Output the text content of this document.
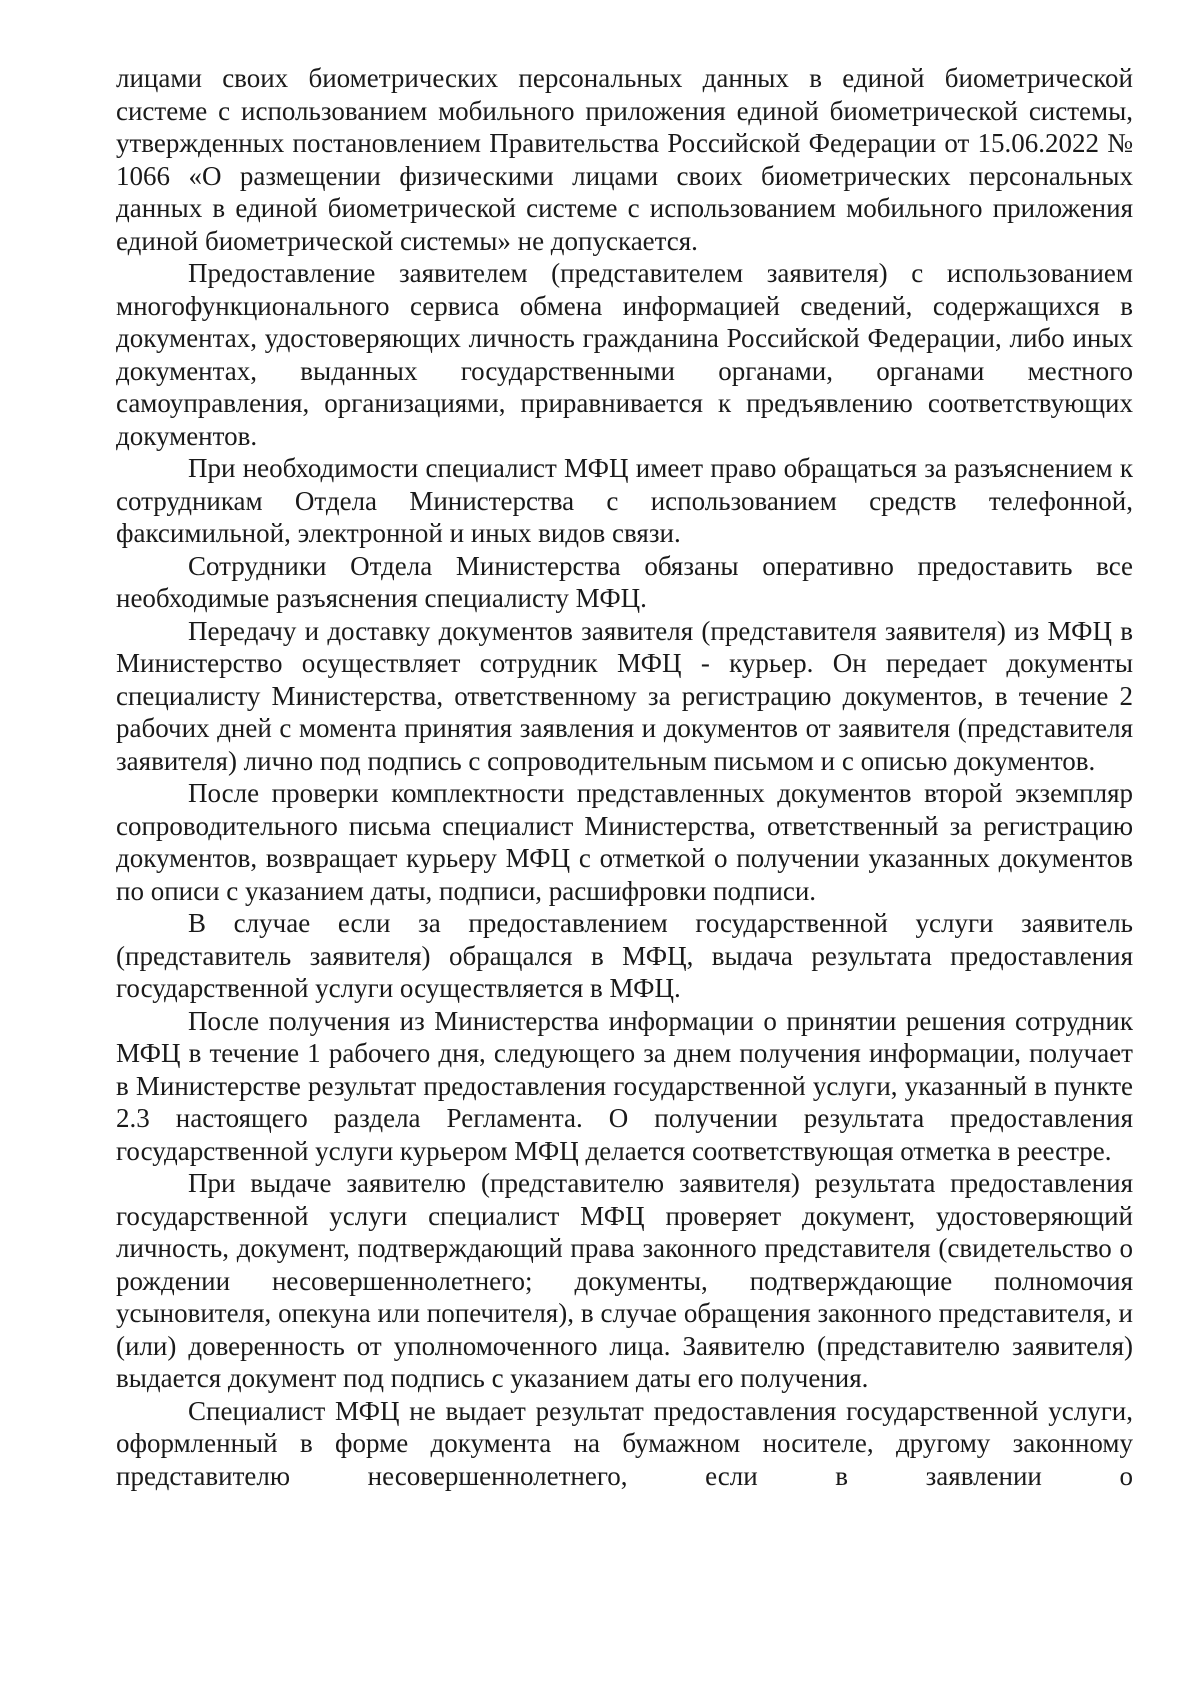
лицами своих биометрических персональных данных в единой биометрической системе с использованием мобильного приложения единой биометрической системы, утвержденных постановлением Правительства Российской Федерации от 15.06.2022 № 1066 «О размещении физическими лицами своих биометрических персональных данных в единой биометрической системе с использованием мобильного приложения единой биометрической системы» не допускается.

Предоставление заявителем (представителем заявителя) с использованием многофункционального сервиса обмена информацией сведений, содержащихся в документах, удостоверяющих личность гражданина Российской Федерации, либо иных документах, выданных государственными органами, органами местного самоуправления, организациями, приравнивается к предъявлению соответствующих документов.

При необходимости специалист МФЦ имеет право обращаться за разъяснением к сотрудникам Отдела Министерства с использованием средств телефонной, факсимильной, электронной и иных видов связи.

Сотрудники Отдела Министерства обязаны оперативно предоставить все необходимые разъяснения специалисту МФЦ.

Передачу и доставку документов заявителя (представителя заявителя) из МФЦ в Министерство осуществляет сотрудник МФЦ - курьер. Он передает документы специалисту Министерства, ответственному за регистрацию документов, в течение 2 рабочих дней с момента принятия заявления и документов от заявителя (представителя заявителя) лично под подпись с сопроводительным письмом и с описью документов.

После проверки комплектности представленных документов второй экземпляр сопроводительного письма специалист Министерства, ответственный за регистрацию документов, возвращает курьеру МФЦ с отметкой о получении указанных документов по описи с указанием даты, подписи, расшифровки подписи.

В случае если за предоставлением государственной услуги заявитель (представитель заявителя) обращался в МФЦ, выдача результата предоставления государственной услуги осуществляется в МФЦ.

После получения из Министерства информации о принятии решения сотрудник МФЦ в течение 1 рабочего дня, следующего за днем получения информации, получает в Министерстве результат предоставления государственной услуги, указанный в пункте 2.3 настоящего раздела Регламента. О получении результата предоставления государственной услуги курьером МФЦ делается соответствующая отметка в реестре.

При выдаче заявителю (представителю заявителя) результата предоставления государственной услуги специалист МФЦ проверяет документ, удостоверяющий личность, документ, подтверждающий права законного представителя (свидетельство о рождении несовершеннолетнего; документы, подтверждающие полномочия усыновителя, опекуна или попечителя), в случае обращения законного представителя, и (или) доверенность от уполномоченного лица. Заявителю (представителю заявителя) выдается документ под подпись с указанием даты его получения.

Специалист МФЦ не выдает результат предоставления государственной услуги, оформленный в форме документа на бумажном носителе, другому законному представителю несовершеннолетнего, если в заявлении о
